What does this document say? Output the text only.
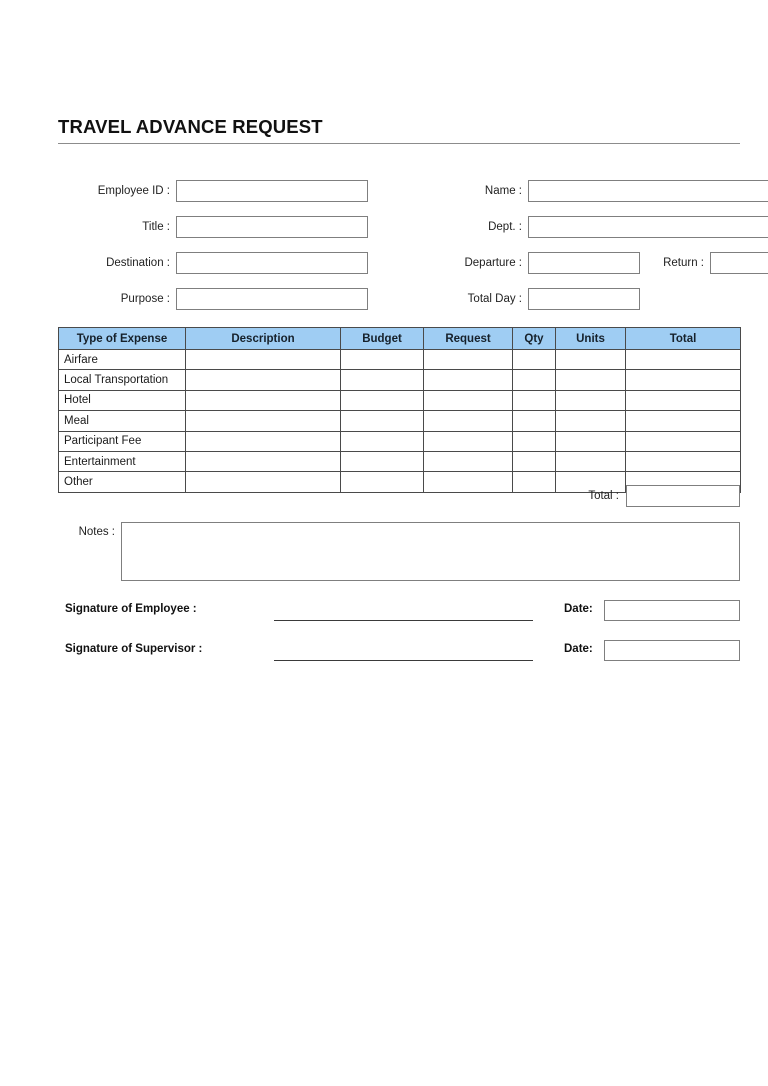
TRAVEL ADVANCE REQUEST
Employee ID :	Name :
Title :	Dept. :
Destination :	Departure :	Return :
Purpose :	Total Day :
Type of Expense	Description	Budget	Request	Qty	Units	Total
Airfare						
Local Transportation						
Hotel						
Meal						
Participant Fee						
Entertainment						
Other						
Total :
Notes :
Signature of Employee :	Date:
Signature of Supervisor :	Date:
